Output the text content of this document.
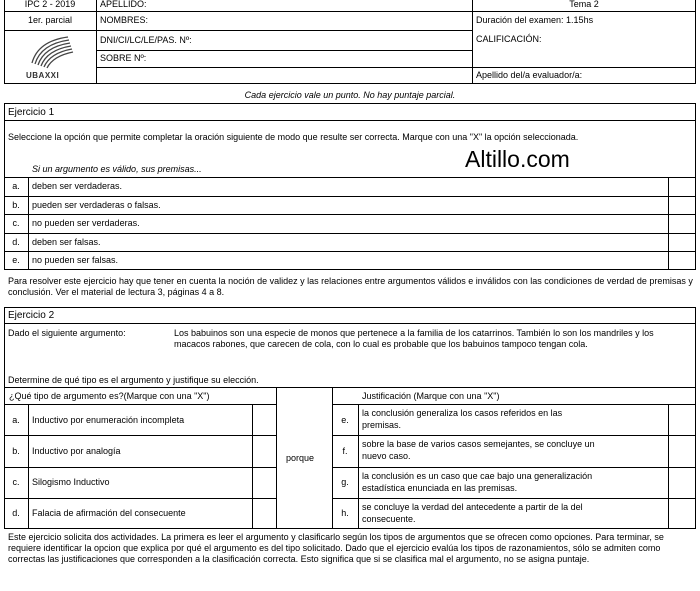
IPC 2 - 2019	APELLIDO:	Tema 2
1er. parcial	NOMBRES:	Duración del examen: 1.15hs
UBAXXI
DNI/CI/LC/LE/PAS. Nº:	CALIFICACIÓN:
SOBRE Nº:
Apellido del/a evaluador/a:
Cada ejercicio vale un punto. No hay puntaje parcial.
Ejercicio 1
Seleccione la opción que permite completar la oración siguiente de modo que resulte ser correcta. Marque con una "X" la opción seleccionada.
Si un argumento es válido, sus premisas...	Altillo.com
a.	deben ser verdaderas.
b.	pueden ser verdaderas o falsas.
c.	no pueden ser verdaderas.
d.	deben ser falsas.
e.	no pueden ser falsas.
Para resolver este ejercicio hay que tener en cuenta la noción de validez y las relaciones entre argumentos válidos e inválidos con las condiciones de verdad de premisas y conclusión. Ver el material de lectura 3, páginas 4 a 8.
Ejercicio 2
Dado el siguiente argumento:	Los babuinos son una especie de monos que pertenece a la familia de los catarrinos. También lo son los mandriles y los macacos rabones, que carecen de cola, con lo cual es probable que los babuinos tampoco tengan cola.
Determine de qué tipo es el argumento y justifique su elección.
¿Qué tipo de argumento es?(Marque con una "X")	Justificación (Marque con una "X")
porque
a.	Inductivo por enumeración incompleta	e.
la conclusión generaliza los casos referidos en las
premisas.
b.	Inductivo por analogía	f.
sobre la base de varios casos semejantes, se concluye un
nuevo caso.
c.	Silogismo Inductivo	g.
la conclusión es un caso que cae bajo una generalización
estadística enunciada en las premisas.
d.	Falacia de afirmación del consecuente	h.
se concluye la verdad del antecedente a partir de la del
consecuente.
Este ejercicio solicita dos actividades. La primera es leer el argumento y clasificarlo según los tipos de argumentos que se ofrecen como opciones. Para terminar, se requiere identificar la opcion que explica por qué el argumento es del tipo solicitado. Dado que el ejercicio evalúa los tipos de razonamientos, sólo se admiten como correctas las justificaciones que corresponden a la clasificación correcta. Esto significa que si se clasifica mal el argumento, no se asigna puntaje.
